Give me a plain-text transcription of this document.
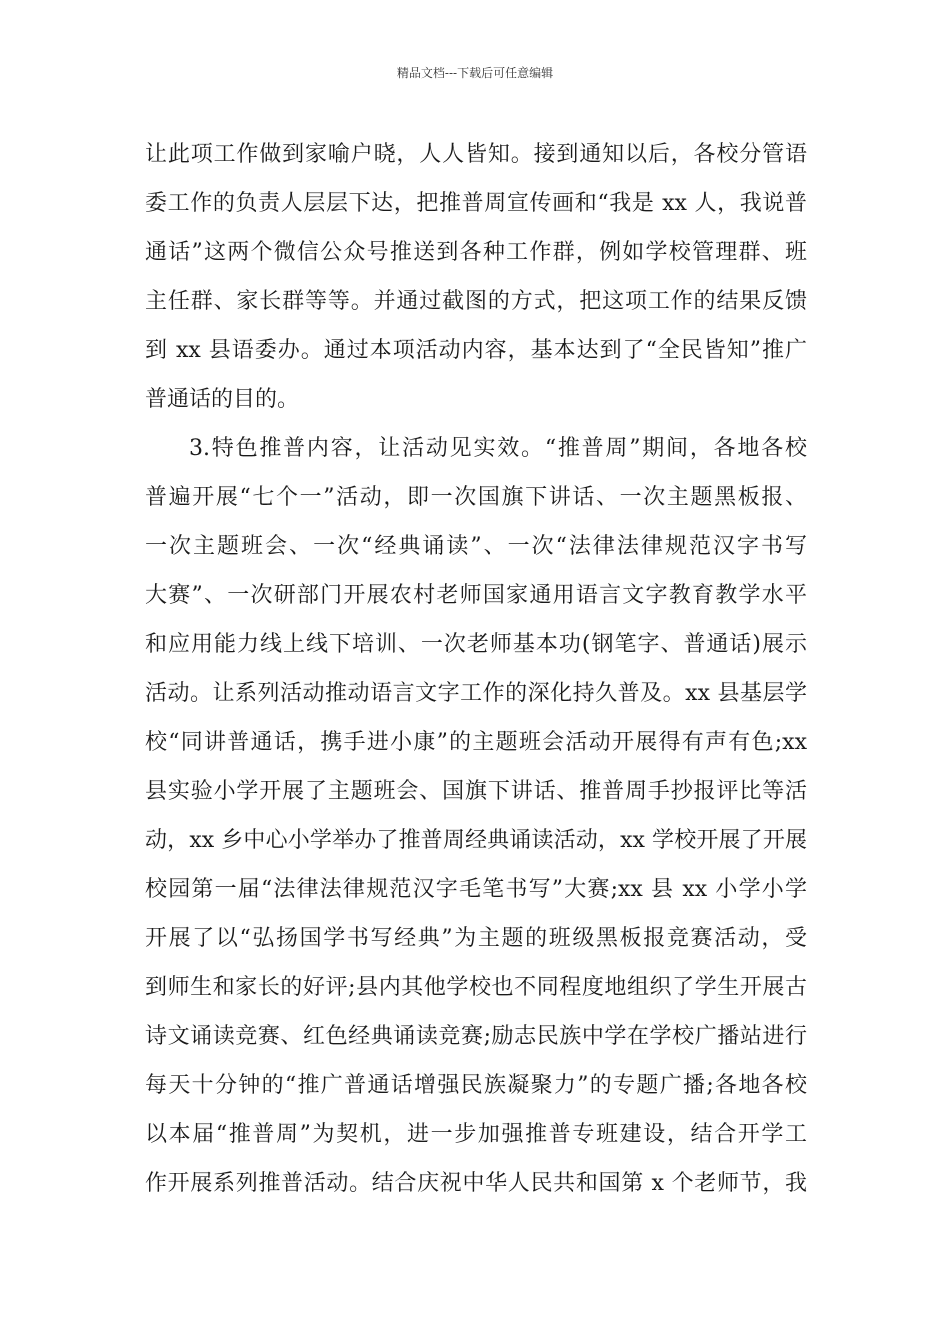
精品文档---下载后可任意编辑
让此项工作做到家喻户晓，人人皆知。接到通知以后，各校分管语
委工作的负责人层层下达，把推普周宣传画和“我是 xx 人，我说普
通话”这两个微信公众号推送到各种工作群，例如学校管理群、班
主任群、家长群等等。并通过截图的方式，把这项工作的结果反馈
到 xx 县语委办。通过本项活动内容，基本达到了“全民皆知”推广
普通话的目的。
3.特色推普内容，让活动见实效。“推普周”期间，各地各校
普遍开展“七个一”活动，即一次国旗下讲话、一次主题黑板报、
一次主题班会、一次“经典诵读”、一次“法律法律规范汉字书写
大赛”、一次研部门开展农村老师国家通用语言文字教育教学水平
和应用能力线上线下培训、一次老师基本功(钢笔字、普通话)展示
活动。让系列活动推动语言文字工作的深化持久普及。xx 县基层学
校“同讲普通话，携手进小康”的主题班会活动开展得有声有色;xx
县实验小学开展了主题班会、国旗下讲话、推普周手抄报评比等活
动，xx 乡中心小学举办了推普周经典诵读活动，xx 学校开展了开展
校园第一届“法律法律规范汉字毛笔书写”大赛;xx 县 xx 小学小学
开展了以“弘扬国学书写经典”为主题的班级黑板报竞赛活动，受
到师生和家长的好评;县内其他学校也不同程度地组织了学生开展古
诗文诵读竞赛、红色经典诵读竞赛;励志民族中学在学校广播站进行
每天十分钟的“推广普通话增强民族凝聚力”的专题广播;各地各校
以本届“推普周”为契机，进一步加强推普专班建设，结合开学工
作开展系列推普活动。结合庆祝中华人民共和国第 x 个老师节，我
